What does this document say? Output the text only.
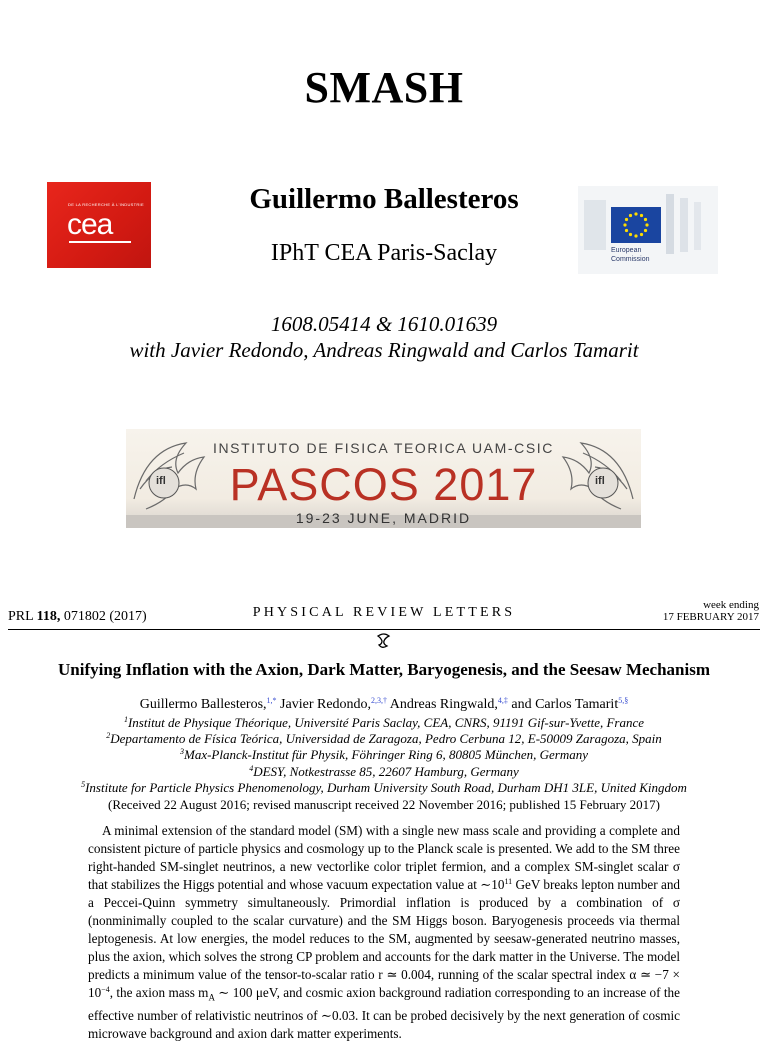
SMASH
DE LA RECHERCHE À L'INDUSTRIE
cea
Guillermo Ballesteros
IPhT CEA Paris-Saclay	European
Commission
1608.05414 & 1610.01639
with Javier Redondo, Andreas Ringwald and Carlos Tamarit
ifl	ifl
INSTITUTO DE FISICA TEORICA UAM-CSIC
PASCOS 2017
19-23 JUNE, MADRID
PRL 118, 071802 (2017)	PHYSICAL REVIEW LETTERS	week ending
17 FEBRUARY 2017
Unifying Inflation with the Axion, Dark Matter, Baryogenesis, and the Seesaw Mechanism
Guillermo Ballesteros,$^{1,*}$ Javier Redondo,$^{2,3,\dagger}$ Andreas Ringwald,$^{4,\ddagger}$ and Carlos Tamarit$^{5,\S}$
$^1$Institut de Physique Théorique, Université Paris Saclay, CEA, CNRS, 91191 Gif-sur-Yvette, France
$^2$Departamento de Física Teórica, Universidad de Zaragoza, Pedro Cerbuna 12, E-50009 Zaragoza, Spain
$^3$Max-Planck-Institut für Physik, Föhringer Ring 6, 80805 München, Germany
$^4$DESY, Notkestrasse 85, 22607 Hamburg, Germany
$^5$Institute for Particle Physics Phenomenology, Durham University South Road, Durham DH1 3LE, United Kingdom
(Received 22 August 2016; revised manuscript received 22 November 2016; published 15 February 2017)
A minimal extension of the standard model (SM) with a single new mass scale and providing a complete and consistent picture of particle physics and cosmology up to the Planck scale is presented. We add to the SM three right-handed SM-singlet neutrinos, a new vectorlike color triplet fermion, and a complex SM-singlet scalar σ that stabilizes the Higgs potential and whose vacuum expectation value at $\sim 10^{11}$ GeV breaks lepton number and a Peccei-Quinn symmetry simultaneously. Primordial inflation is produced by a combination of σ (nonminimally coupled to the scalar curvature) and the SM Higgs boson. Baryogenesis proceeds via thermal leptogenesis. At low energies, the model reduces to the SM, augmented by seesaw-generated neutrino masses, plus the axion, which solves the strong CP problem and accounts for the dark matter in the Universe. The model predicts a minimum value of the tensor-to-scalar ratio r ≃ 0.004, running of the scalar spectral index α ≃ $-7 \times 10^{-4}$, the axion mass $m_A$ ∼ 100 μeV, and cosmic axion background radiation corresponding to an increase of the effective number of relativistic neutrinos of ∼0.03. It can be probed decisively by the next generation of cosmic microwave background and axion dark matter experiments.
